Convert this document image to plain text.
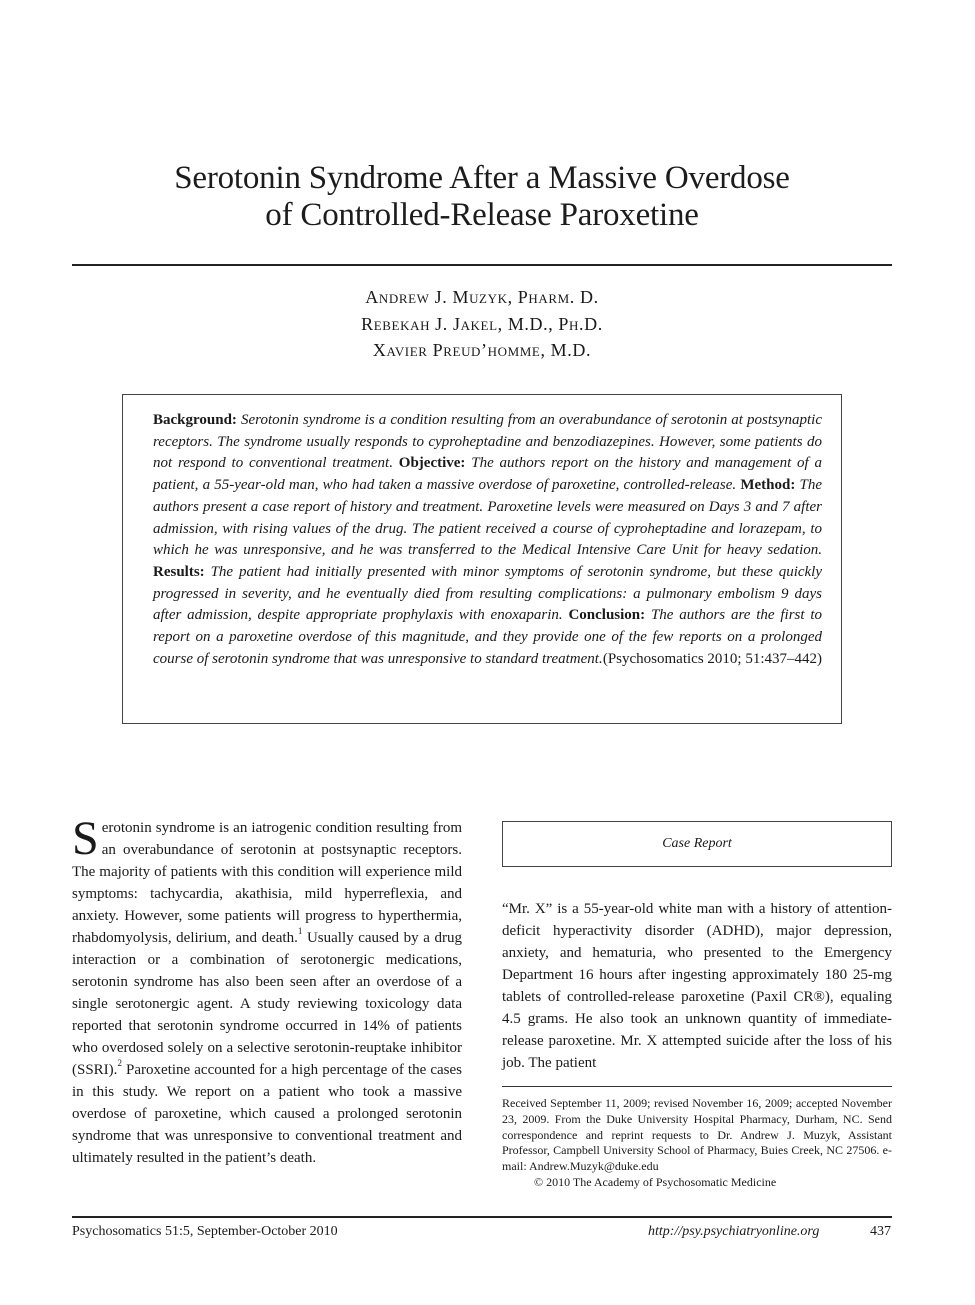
Serotonin Syndrome After a Massive Overdose
of Controlled-Release Paroxetine
Andrew J. Muzyk, Pharm. D.
Rebekah J. Jakel, M.D., Ph.D.
Xavier Preud’homme, M.D.
Background: Serotonin syndrome is a condition resulting from an overabundance of serotonin at postsynaptic receptors. The syndrome usually responds to cyproheptadine and benzodiazepines. However, some patients do not respond to conventional treatment. Objective: The authors report on the history and management of a patient, a 55-year-old man, who had taken a massive overdose of paroxetine, controlled-release. Method: The authors present a case report of history and treatment. Paroxetine levels were measured on Days 3 and 7 after admission, with rising values of the drug. The patient received a course of cyproheptadine and lorazepam, to which he was unresponsive, and he was transferred to the Medical Intensive Care Unit for heavy sedation. Results: The patient had initially presented with minor symptoms of serotonin syndrome, but these quickly progressed in severity, and he eventually died from resulting complications: a pulmonary embolism 9 days after admission, despite appropriate prophylaxis with enoxaparin. Conclusion: The authors are the first to report on a paroxetine overdose of this magnitude, and they provide one of the few reports on a prolonged course of serotonin syndrome that was unresponsive to standard treatment. (Psychosomatics 2010; 51:437–442)
Serotonin syndrome is an iatrogenic condition resulting from an overabundance of serotonin at postsynaptic receptors. The majority of patients with this condition will experience mild symptoms: tachycardia, akathisia, mild hyperreflexia, and anxiety. However, some patients will progress to hyperthermia, rhabdomyolysis, delirium, and death.$^1$ Usually caused by a drug interaction or a combination of serotonergic medications, serotonin syndrome has also been seen after an overdose of a single serotonergic agent. A study reviewing toxicology data reported that serotonin syndrome occurred in 14% of patients who overdosed solely on a selective serotonin-reuptake inhibitor (SSRI).$^2$ Paroxetine accounted for a high percentage of the cases in this study. We report on a patient who took a massive overdose of paroxetine, which caused a prolonged serotonin syndrome that was unresponsive to conventional treatment and ultimately resulted in the patient’s death.
Case Report
“Mr. X” is a 55-year-old white man with a history of attention-deficit hyperactivity disorder (ADHD), major depression, anxiety, and hematuria, who presented to the Emergency Department 16 hours after ingesting approximately 180 25-mg tablets of controlled-release paroxetine (Paxil CR®), equaling 4.5 grams. He also took an unknown quantity of immediate-release paroxetine. Mr. X attempted suicide after the loss of his job. The patient
Received September 11, 2009; revised November 16, 2009; accepted November 23, 2009. From the Duke University Hospital Pharmacy, Durham, NC. Send correspondence and reprint requests to Dr. Andrew J. Muzyk, Assistant Professor, Campbell University School of Pharmacy, Buies Creek, NC 27506. e-mail: Andrew.Muzyk@duke.edu
© 2010 The Academy of Psychosomatic Medicine
Psychosomatics 51:5, September-October 2010	http://psy.psychiatryonline.org	437
